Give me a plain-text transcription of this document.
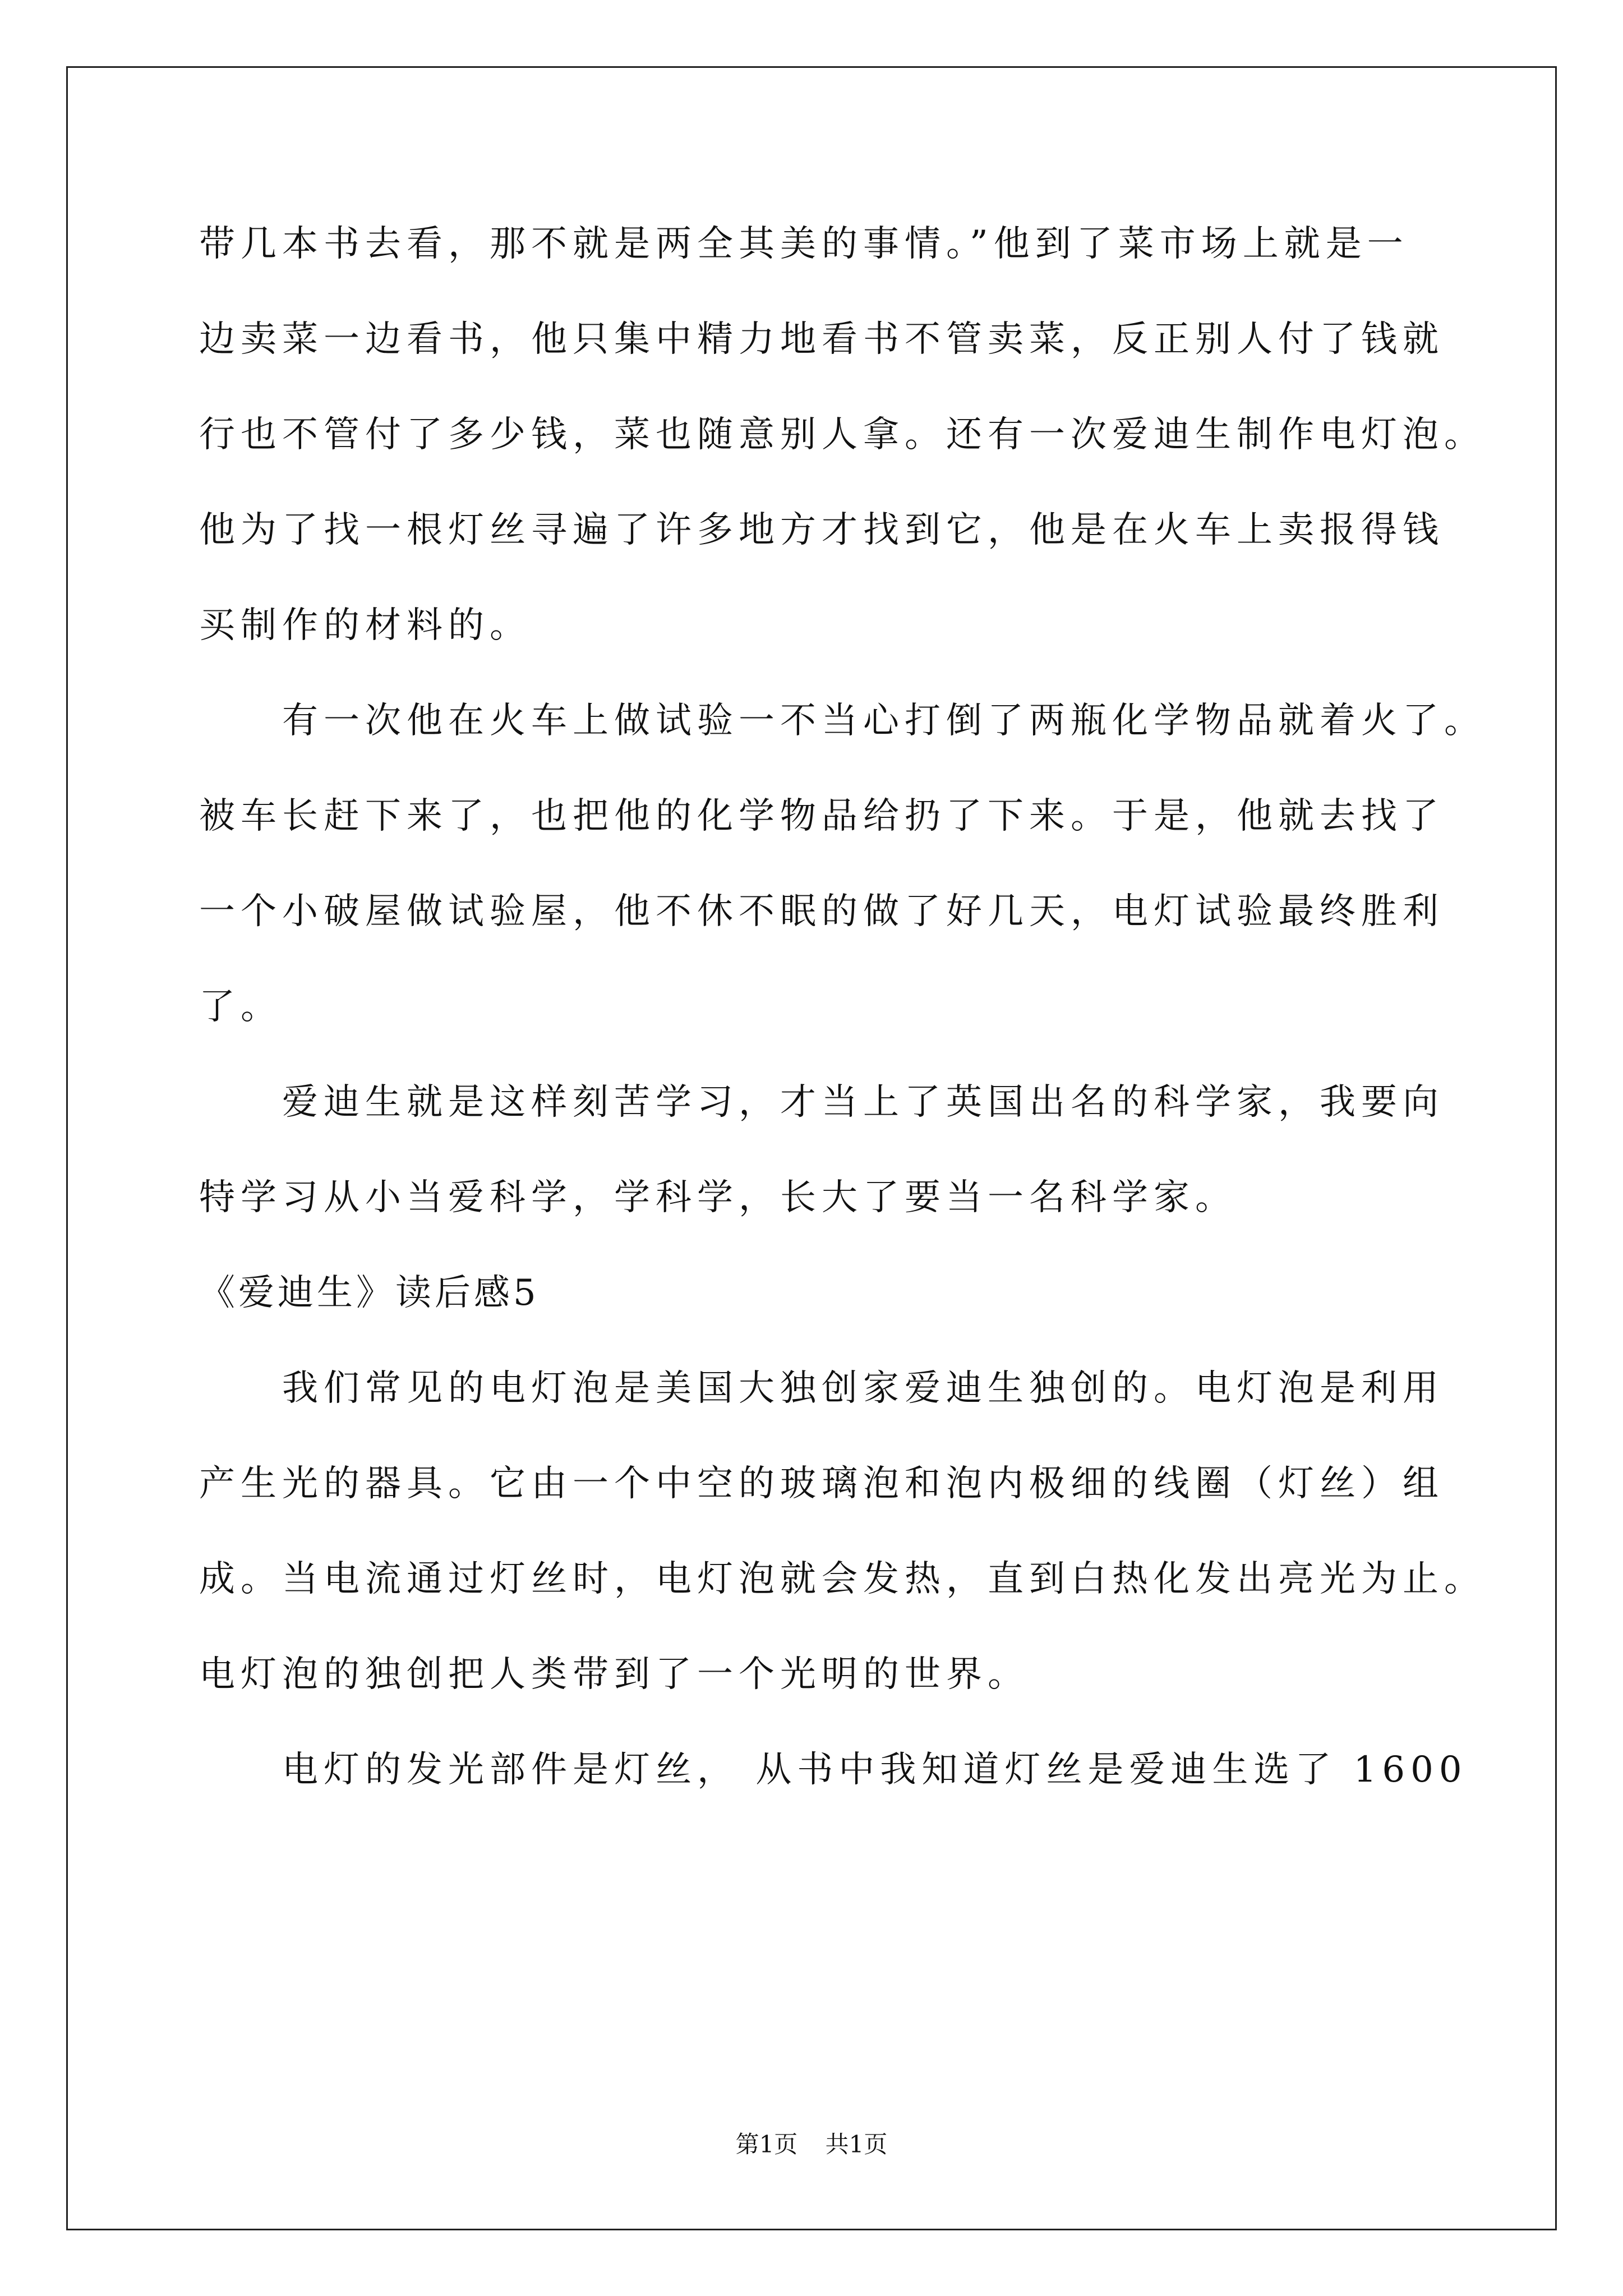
带几本书去看，那不就是两全其美的事情。”他到了菜市场上就是一
边卖菜一边看书，他只集中精力地看书不管卖菜，反正别人付了钱就
行也不管付了多少钱，菜也随意别人拿。还有一次爱迪生制作电灯泡。
他为了找一根灯丝寻遍了许多地方才找到它，他是在火车上卖报得钱
买制作的材料的。
有一次他在火车上做试验一不当心打倒了两瓶化学物品就着火了。
被车长赶下来了，也把他的化学物品给扔了下来。于是，他就去找了
一个小破屋做试验屋，他不休不眠的做了好几天，电灯试验最终胜利
了。
爱迪生就是这样刻苦学习，才当上了英国出名的科学家，我要向
特学习从小当爱科学，学科学，长大了要当一名科学家。
《爱迪生》读后感5
我们常见的电灯泡是美国大独创家爱迪生独创的。电灯泡是利用
产生光的器具。它由一个中空的玻璃泡和泡内极细的线圈（灯丝）组
成。当电流通过灯丝时，电灯泡就会发热，直到白热化发出亮光为止。
电灯泡的独创把人类带到了一个光明的世界。
电灯的发光部件是灯丝， 从书中我知道灯丝是爱迪生选了 1600
第1页 共1页
